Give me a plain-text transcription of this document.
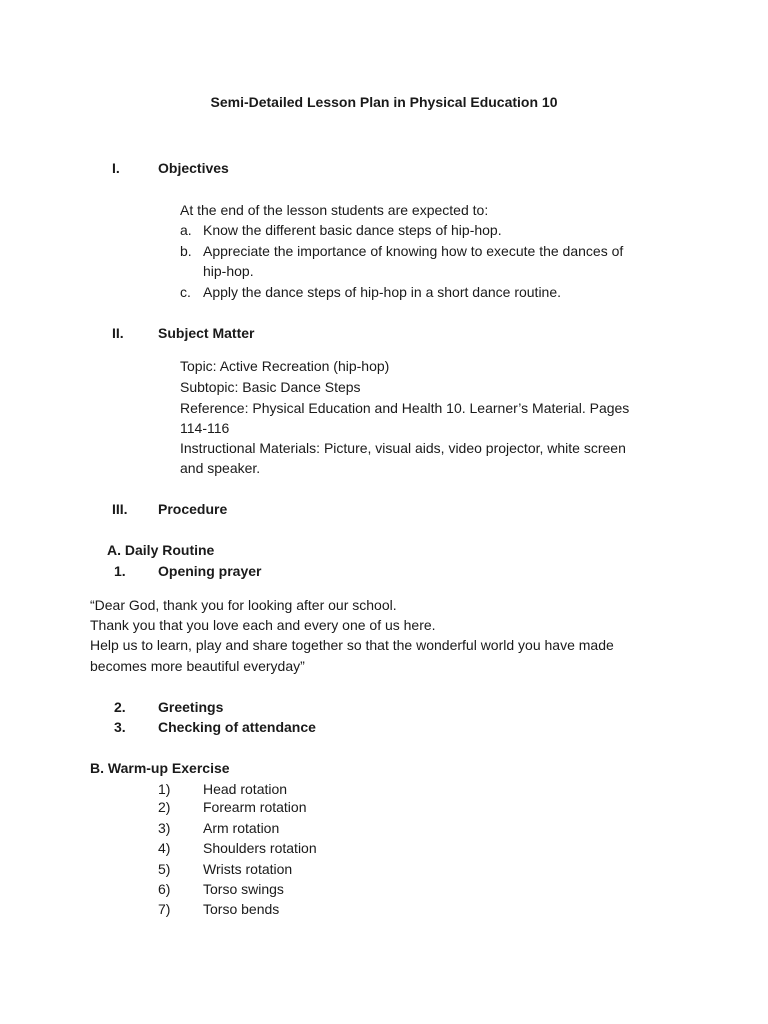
Semi-Detailed Lesson Plan in Physical Education 10
I.	Objectives
At the end of the lesson students are expected to:
a. Know the different basic dance steps of hip-hop.
b. Appreciate the importance of knowing how to execute the dances of
hip-hop.
c. Apply the dance steps of hip-hop in a short dance routine.
II. Subject Matter
Topic: Active Recreation (hip-hop)
Subtopic: Basic Dance Steps
Reference: Physical Education and Health 10. Learner’s Material. Pages
114-116
Instructional Materials: Picture, visual aids, video projector, white screen
and speaker.
III. Procedure
A. Daily Routine
1. Opening prayer
“Dear God, thank you for looking after our school.
Thank you that you love each and every one of us here.
Help us to learn, play and share together so that the wonderful world you have made
becomes more beautiful everyday”
2. Greetings
3. Checking of attendance
B. Warm-up Exercise
1) Head rotation
2) Forearm rotation
3) Arm rotation
4) Shoulders rotation
5) Wrists rotation
6) Torso swings
7) Torso bends
